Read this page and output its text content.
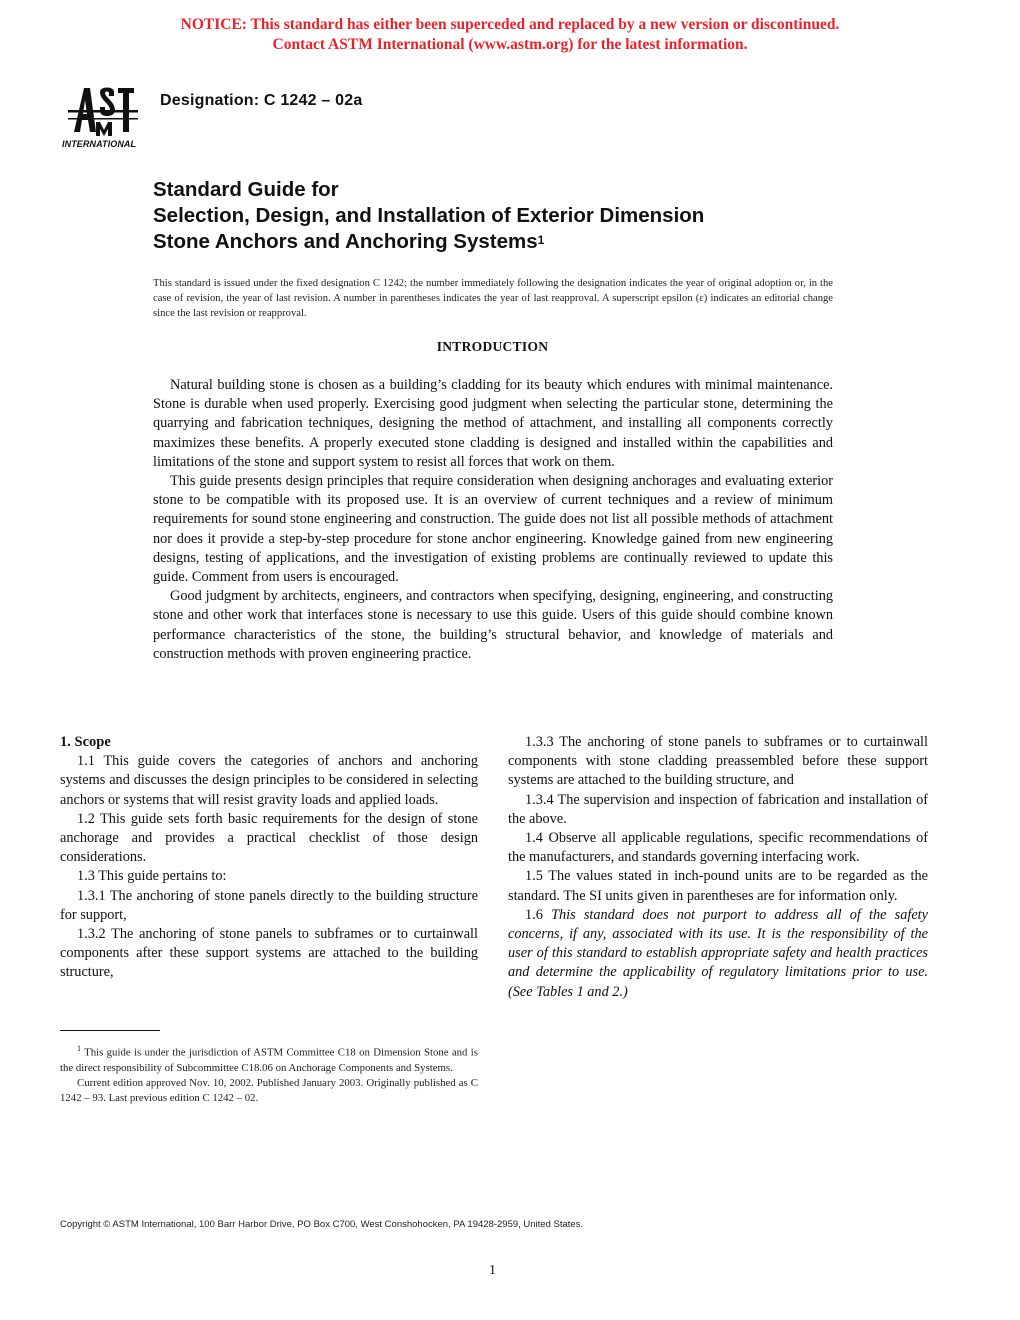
NOTICE: This standard has either been superceded and replaced by a new version or discontinued.
Contact ASTM International (www.astm.org) for the latest information.
INTERNATIONAL
Designation: C 1242 – 02a
Standard Guide for
Selection, Design, and Installation of Exterior Dimension
Stone Anchors and Anchoring Systems$^1$
This standard is issued under the fixed designation C 1242; the number immediately following the designation indicates the year of original adoption or, in the case of revision, the year of last revision. A number in parentheses indicates the year of last reapproval. A superscript epsilon (ε) indicates an editorial change since the last revision or reapproval.
INTRODUCTION

Natural building stone is chosen as a building’s cladding for its beauty which endures with minimal maintenance. Stone is durable when used properly. Exercising good judgment when selecting the particular stone, determining the quarrying and fabrication techniques, designing the method of attachment, and installing all components correctly maximizes these benefits. A properly executed stone cladding is designed and installed within the capabilities and limitations of the stone and support system to resist all forces that work on them.

This guide presents design principles that require consideration when designing anchorages and evaluating exterior stone to be compatible with its proposed use. It is an overview of current techniques and a review of minimum requirements for sound stone engineering and construction. The guide does not list all possible methods of attachment nor does it provide a step-by-step procedure for stone anchor engineering. Knowledge gained from new engineering designs, testing of applications, and the investigation of existing problems are continually reviewed to update this guide. Comment from users is encouraged.

Good judgment by architects, engineers, and contractors when specifying, designing, engineering, and constructing stone and other work that interfaces stone is necessary to use this guide. Users of this guide should combine known performance characteristics of the stone, the building’s structural behavior, and knowledge of materials and construction methods with proven engineering practice.

1. Scope

1.1 This guide covers the categories of anchors and anchoring systems and discusses the design principles to be considered in selecting anchors or systems that will resist gravity loads and applied loads.

1.2 This guide sets forth basic requirements for the design of stone anchorage and provides a practical checklist of those design considerations.

1.3 This guide pertains to:

1.3.1 The anchoring of stone panels directly to the building structure for support,

1.3.2 The anchoring of stone panels to subframes or to curtainwall components after these support systems are attached to the building structure,

1.3.3 The anchoring of stone panels to subframes or to curtainwall components with stone cladding preassembled before these support systems are attached to the building structure, and

1.3.4 The supervision and inspection of fabrication and installation of the above.

1.4 Observe all applicable regulations, specific recommendations of the manufacturers, and standards governing interfacing work.

1.5 The values stated in inch-pound units are to be regarded as the standard. The SI units given in parentheses are for information only.

1.6 This standard does not purport to address all of the safety concerns, if any, associated with its use. It is the responsibility of the user of this standard to establish appropriate safety and health practices and determine the applicability of regulatory limitations prior to use. (See Tables 1 and 2.)

$^1$ This guide is under the jurisdiction of ASTM Committee C18 on Dimension Stone and is the direct responsibility of Subcommittee C18.06 on Anchorage Components and Systems.

Current edition approved Nov. 10, 2002. Published January 2003. Originally published as C 1242 – 93. Last previous edition C 1242 – 02.

Copyright © ASTM International, 100 Barr Harbor Drive, PO Box C700, West Conshohocken, PA 19428-2959, United States.
1
